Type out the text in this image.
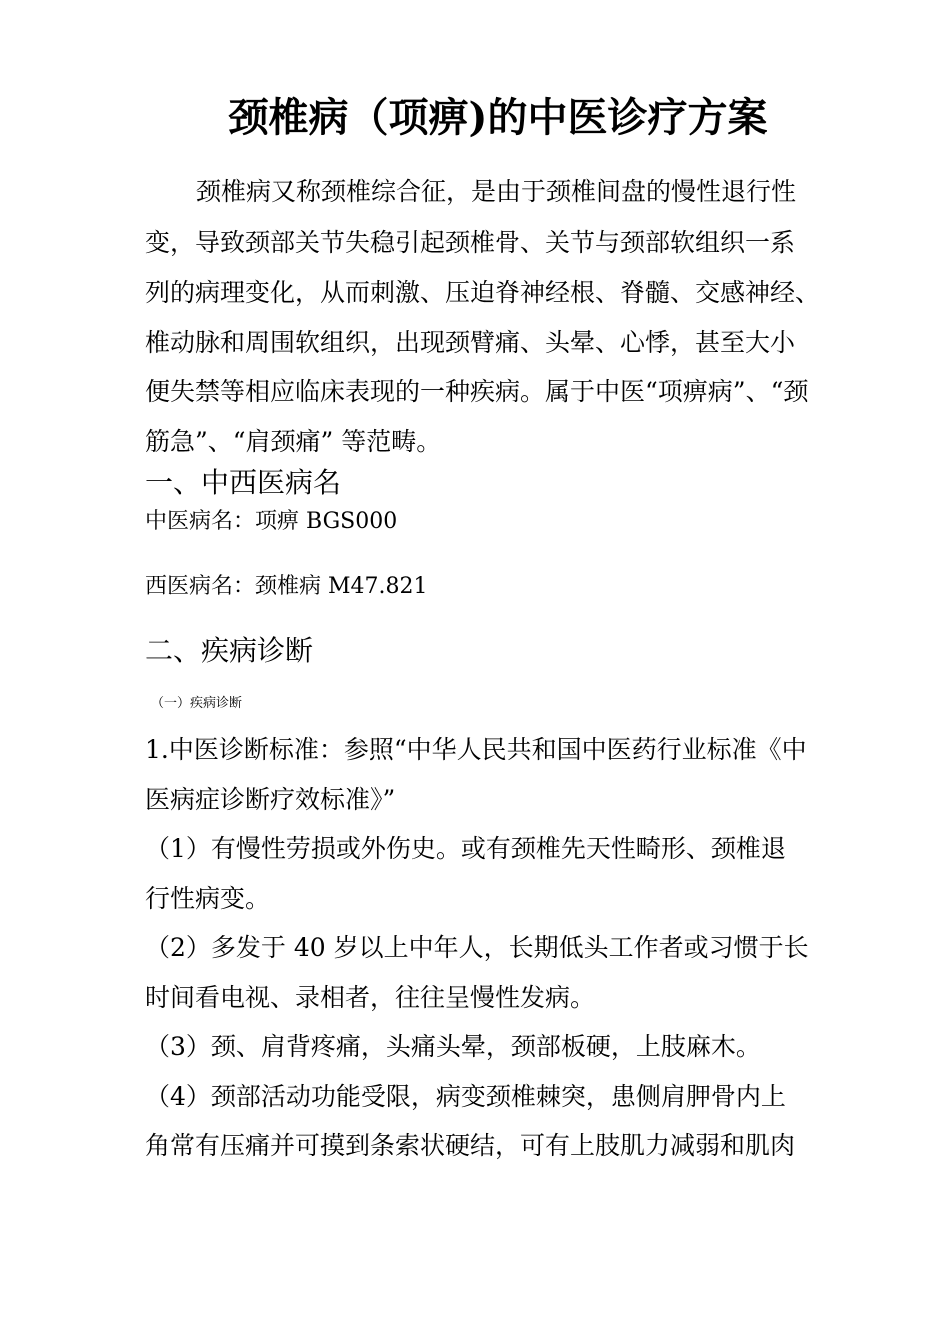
颈椎病（项痹)的中医诊疗方案
颈椎病又称颈椎综合征，是由于颈椎间盘的慢性退行性
变，导致颈部关节失稳引起颈椎骨、关节与颈部软组织一系
列的病理变化，从而刺激、压迫脊神经根、脊髓、交感神经、
椎动脉和周围软组织，出现颈臂痛、头晕、心悸，甚至大小
便失禁等相应临床表现的一种疾病。属于中医“项痹病”、“颈
筋急”、“肩颈痛” 等范畴。
一、中西医病名
中医病名：项痹 BGS000
西医病名：颈椎病 M47.821
二、疾病诊断
（一）疾病诊断
1.中医诊断标准：参照“中华人民共和国中医药行业标准《中
医病症诊断疗效标准》”
（1）有慢性劳损或外伤史。或有颈椎先天性畸形、颈椎退
行性病变。
（2）多发于 40 岁以上中年人，长期低头工作者或习惯于长
时间看电视、录相者，往往呈慢性发病。
（3）颈、肩背疼痛，头痛头晕，颈部板硬，上肢麻木。
（4）颈部活动功能受限，病变颈椎棘突，患侧肩胛骨内上
角常有压痛并可摸到条索状硬结，可有上肢肌力减弱和肌肉
